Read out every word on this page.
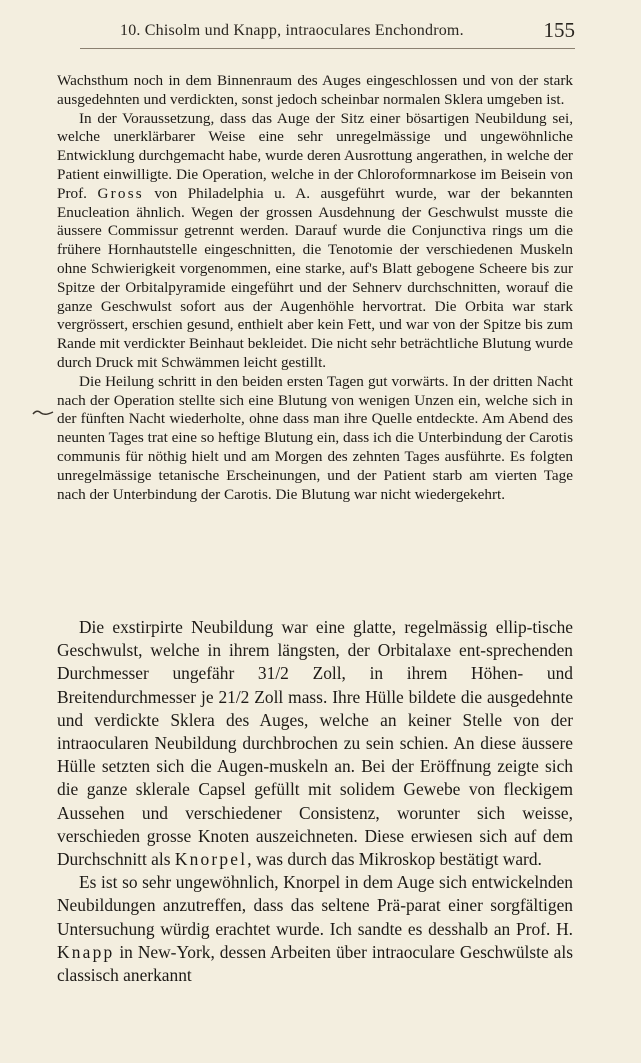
10. Chisolm und Knapp, intraoculares Enchondrom.	155

Wachsthum noch in dem Binnenraum des Auges eingeschlossen und von der stark ausgedehnten und verdickten, sonst jedoch scheinbar normalen Sklera umgeben ist.

In der Voraussetzung, dass das Auge der Sitz einer bösartigen Neubildung sei, welche unerklärbarer Weise eine sehr unregelmässige und ungewöhnliche Entwicklung durchgemacht habe, wurde deren Ausrottung angerathen, in welche der Patient einwilligte. Die Operation, welche in der Chloroformnarkose im Beisein von Prof. Gross von Philadelphia u. A. ausgeführt wurde, war der bekannten Enucleation ähnlich. Wegen der grossen Ausdehnung der Geschwulst musste die äussere Commissur getrennt werden. Darauf wurde die Conjunctiva rings um die frühere Hornhautstelle eingeschnitten, die Tenotomie der verschiedenen Muskeln ohne Schwierigkeit vorgenommen, eine starke, auf's Blatt gebogene Scheere bis zur Spitze der Orbitalpyramide eingeführt und der Sehnerv durchschnitten, worauf die ganze Geschwulst sofort aus der Augenhöhle hervortrat. Die Orbita war stark vergrössert, erschien gesund, enthielt aber kein Fett, und war von der Spitze bis zum Rande mit verdickter Beinhaut bekleidet. Die nicht sehr beträchtliche Blutung wurde durch Druck mit Schwämmen leicht gestillt.

Die Heilung schritt in den beiden ersten Tagen gut vorwärts. In der dritten Nacht nach der Operation stellte sich eine Blutung von wenigen Unzen ein, welche sich in der fünften Nacht wiederholte, ohne dass man ihre Quelle entdeckte. Am Abend des neunten Tages trat eine so heftige Blutung ein, dass ich die Unterbindung der Carotis communis für nöthig hielt und am Morgen des zehnten Tages ausführte. Es folgten unregelmässige tetanische Erscheinungen, und der Patient starb am vierten Tage nach der Unterbindung der Carotis. Die Blutung war nicht wiedergekehrt.

Die exstirpirte Neubildung war eine glatte, regelmässig ellip-tische Geschwulst, welche in ihrem längsten, der Orbitalaxe ent-sprechenden Durchmesser ungefähr 31/2 Zoll, in ihrem Höhen- und Breitendurchmesser je 21/2 Zoll mass. Ihre Hülle bildete die ausgedehnte und verdickte Sklera des Auges, welche an keiner Stelle von der intraocularen Neubildung durchbrochen zu sein schien. An diese äussere Hülle setzten sich die Augen-muskeln an. Bei der Eröffnung zeigte sich die ganze sklerale Capsel gefüllt mit solidem Gewebe von fleckigem Aussehen und verschiedener Consistenz, worunter sich weisse, verschieden grosse Knoten auszeichneten. Diese erwiesen sich auf dem Durchschnitt als Knorpel, was durch das Mikroskop bestätigt ward.

Es ist so sehr ungewöhnlich, Knorpel in dem Auge sich entwickelnden Neubildungen anzutreffen, dass das seltene Prä-parat einer sorgfältigen Untersuchung würdig erachtet wurde. Ich sandte es desshalb an Prof. H. Knapp in New-York, dessen Arbeiten über intraoculare Geschwülste als classisch anerkannt
